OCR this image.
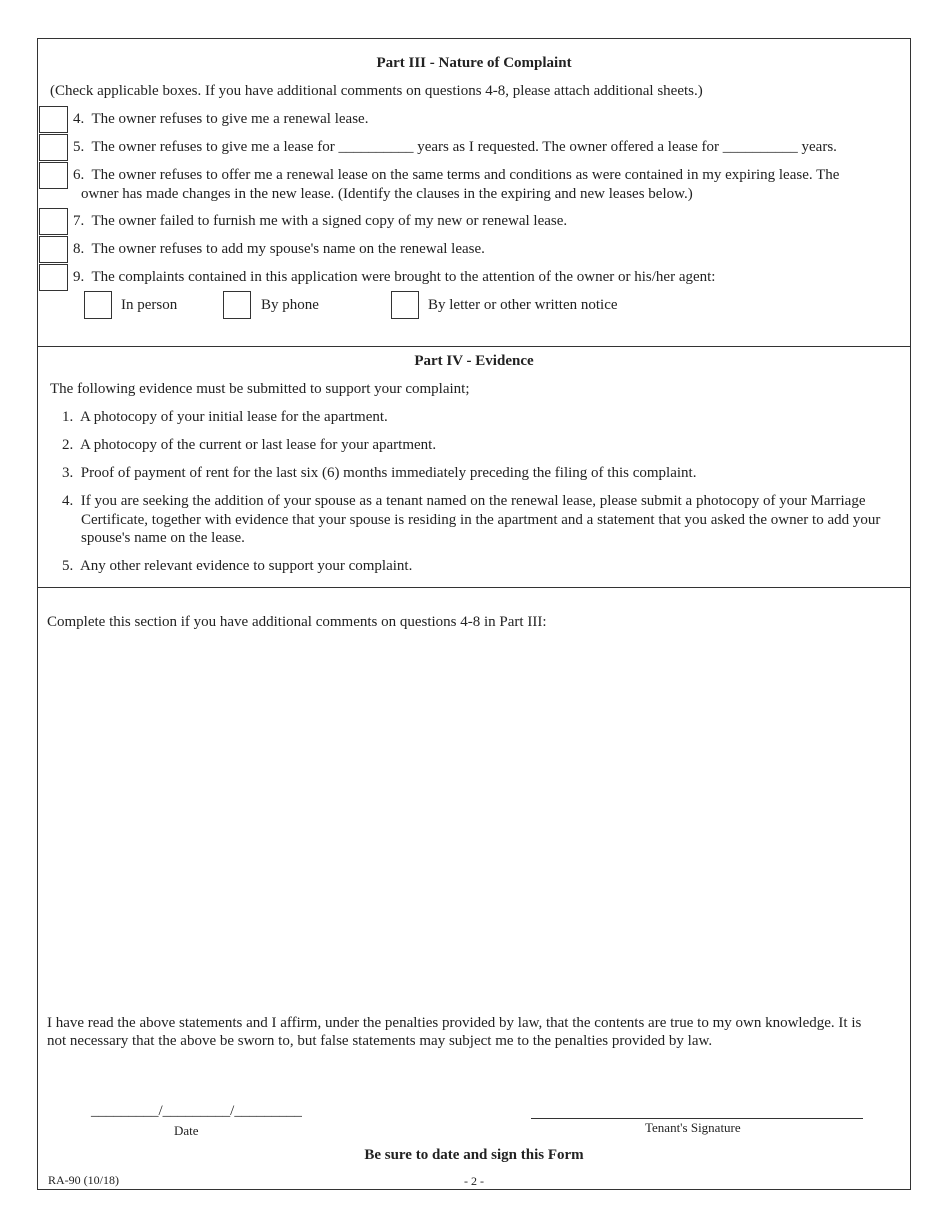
Part III - Nature of Complaint
(Check applicable boxes. If you have additional comments on questions 4-8, please attach additional sheets.)
4. The owner refuses to give me a renewal lease.
5. The owner refuses to give me a lease for __________ years as I requested. The owner offered a lease for __________ years.
6. The owner refuses to offer me a renewal lease on the same terms and conditions as were contained in my expiring lease. The
owner has made changes in the new lease. (Identify the clauses in the expiring and new leases below.)
7. The owner failed to furnish me with a signed copy of my new or renewal lease.
8. The owner refuses to add my spouse's name on the renewal lease.
9. The complaints contained in this application were brought to the attention of the owner or his/her agent:
In person	By phone	By letter or other written notice
Part IV - Evidence
The following evidence must be submitted to support your complaint;
1. A photocopy of your initial lease for the apartment.
2. A photocopy of the current or last lease for your apartment.
3. Proof of payment of rent for the last six (6) months immediately preceding the filing of this complaint.
4. If you are seeking the addition of your spouse as a tenant named on the renewal lease, please submit a photocopy of your Marriage
Certificate, together with evidence that your spouse is residing in the apartment and a statement that you asked the owner to add your
spouse's name on the lease.
5. Any other relevant evidence to support your complaint.
Complete this section if you have additional comments on questions 4-8 in Part III:
I have read the above statements and I affirm, under the penalties provided by law, that the contents are true to my own knowledge. It is
not necessary that the above be sworn to, but false statements may subject me to the penalties provided by law.
_________/_________/_________
Date	Tenant's Signature
Be sure to date and sign this Form
RA-90 (10/18)	- 2 -
